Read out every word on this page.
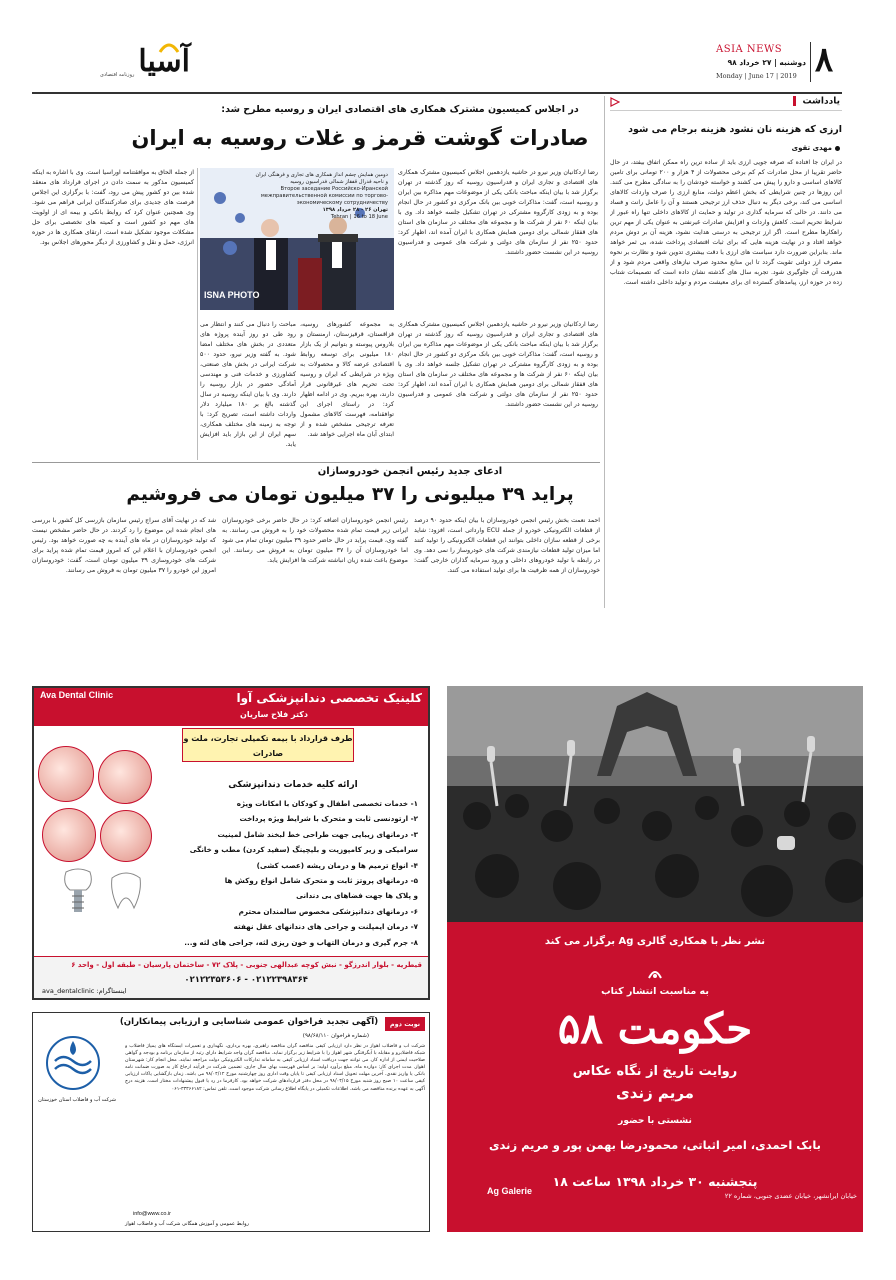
۸
ASIA NEWS
دوشنبه | ۲۷ خرداد ۹۸
Monday | June 17 | 2019
آسیا
روزنامه اقتصادی
یادداشت
ارزی که هزینه نان نشود هزینه برجام می شود
مهدی تقوی
در ایران جا افتاده که صرفه جویی ارزی باید از ساده ترین راه ممکن اتفاق بیفتد، در حال حاضر تقریبا از محل صادرات کم کم برخی محصولات از ۴ هزار و ۲۰۰ تومانی برای تامین کالاهای اساسی و دارو را پیش می کشند و خواسته خودشان را به سادگی مطرح می کنند. این روزها در چنین شرایطی که بخش اعظم دولت، منابع ارزی را صرف واردات کالاهای اساسی می کند، برخی دیگر به دنبال حذف ارز ترجیحی هستند و آن را عامل رانت و فساد می دانند. در حالی که سرمایه گذاری در تولید و حمایت از کالاهای داخلی تنها راه عبور از شرایط تحریم است. کاهش واردات و افزایش صادرات غیرنفتی به عنوان یکی از مهم ترین راهکارها مطرح است. اگر ارز ترجیحی به درستی هدایت نشود، هزینه آن بر دوش مردم خواهد افتاد و در نهایت هزینه هایی که برای ثبات اقتصادی پرداخت شده، بی ثمر خواهد ماند. بنابراین ضرورت دارد سیاست های ارزی با دقت بیشتری تدوین شود و نظارت بر نحوه مصرف ارز دولتی تقویت گردد تا این منابع محدود صرف نیازهای واقعی مردم شود و از هدررفت آن جلوگیری شود. تجربه سال های گذشته نشان داده است که تصمیمات شتاب زده در حوزه ارز، پیامدهای گسترده ای برای معیشت مردم و تولید داخلی داشته است.
در اجلاس کمیسیون مشترک همکاری های اقتصادی ایران و روسیه مطرح شد:
صادرات گوشت قرمز و غلات روسیه به ایران
رضا اردکانیان وزیر نیرو در حاشیه یازدهمین اجلاس کمیسیون مشترک همکاری های اقتصادی و تجاری ایران و فدراسیون روسیه که روز گذشته در تهران برگزار شد با بیان اینکه مباحث بانکی یکی از موضوعات مهم مذاکره بین ایران و روسیه است، گفت: مذاکرات خوبی بین بانک مرکزی دو کشور در حال انجام بوده و به زودی کارگروه مشترکی در تهران تشکیل جلسه خواهد داد. وی با بیان اینکه ۶۰ نفر از شرکت ها و مجموعه های مختلف در سازمان های استان های قفقاز شمالی برای دومین همایش همکاری با ایران آمده اند، اظهار کرد: حدود ۲۵۰ نفر از سازمان های دولتی و شرکت های عمومی و فدراسیون روسیه در این نشست حضور داشتند.
دومین همایش چشم انداز همکاری های تجاری و فرهنگی ایران و ناحیه فدرال قفقاز شمالی فدراسیون روسیه
Второе заседание Российско-Иранской межправительственной комиссии по торгово-экономическому сотрудничеству
تهران ۲۶ - ۲۸ خرداد ۱۳۹۸
Tehran | 16 to 18 June
ISNA PHOTO
رضا اردکانیان وزیر نیرو در حاشیه یازدهمین اجلاس کمیسیون مشترک همکاری های اقتصادی و تجاری ایران و فدراسیون روسیه که روز گذشته در تهران برگزار شد با بیان اینکه مباحث بانکی یکی از موضوعات مهم مذاکره بین ایران و روسیه است، گفت: مذاکرات خوبی بین بانک مرکزی دو کشور در حال انجام بوده و به زودی کارگروه مشترکی در تهران تشکیل جلسه خواهد داد. وی با بیان اینکه ۶۰ نفر از شرکت ها و مجموعه های مختلف در سازمان های استان های قفقاز شمالی برای دومین همایش همکاری با ایران آمده اند، اظهار کرد: حدود ۲۵۰ نفر از سازمان های دولتی و شرکت های عمومی و فدراسیون روسیه در این نشست حضور داشتند.
به مجموعه کشورهای روسیه، قزاقستان، قرقیزستان، ارمنستان و بلاروس پیوسته و بتوانیم از یک بازار ۱۸۰ میلیونی برای توسعه روابط اقتصادی عرضه کالا و محصولات به ویژه در شرایطی که ایران و روسیه تحت تحریم های غیرقانونی قرار دارند، بهره ببریم. وی در ادامه اظهار کرد: در راستای اجرای این توافقنامه، فهرست کالاهای مشمول تعرفه ترجیحی مشخص شده و از ابتدای آبان ماه اجرایی خواهد شد.
مباحث را دنبال می کنند و انتظار می رود طی دو روز آینده پروژه های متعددی در بخش های مختلف امضا شود. به گفته وزیر نیرو، حدود ۵۰۰ شرکت ایرانی در بخش های صنعتی، کشاورزی و خدمات فنی و مهندسی آمادگی حضور در بازار روسیه را دارند. وی با بیان اینکه روسیه در سال گذشته بالغ بر ۱۸۰ میلیارد دلار واردات داشته است، تصریح کرد: با توجه به زمینه های مختلف همکاری، سهم ایران از این بازار باید افزایش یابد.
از جمله الحاق به موافقتنامه اوراسیا است. وی با اشاره به اینکه کمیسیون مذکور به سمت دادن در اجرای قرارداد های منعقد شده بین دو کشور پیش می رود، گفت: با برگزاری این اجلاس فرصت های جدیدی برای صادرکنندگان ایرانی فراهم می شود. وی همچنین عنوان کرد که روابط بانکی و بیمه ای از اولویت های مهم دو کشور است و کمیته های تخصصی برای حل مشکلات موجود تشکیل شده است. ارتقای همکاری ها در حوزه انرژی، حمل و نقل و کشاورزی از دیگر محورهای اجلاس بود.
ادعای جدید رئیس انجمن خودروسازان
پراید ۳۹ میلیونی را ۳۷ میلیون تومان می فروشیم
احمد نعمت بخش رئیس انجمن خودروسازان با بیان اینکه حدود ۹۰ درصد از قطعات الکترونیکی خودرو از جمله ECU وارداتی است، افزود: شاید برخی از قطعه سازان داخلی بتوانند این قطعات الکترونیکی را تولید کنند اما میزان تولید قطعات نیازمندی شرکت های خودروساز را نمی دهد. وی در رابطه با تولید خودروهای داخلی و ورود سرمایه گذاران خارجی گفت: خودروسازان از همه ظرفیت ها برای تولید استفاده می کنند.
رئیس انجمن خودروسازان اضافه کرد: در حال حاضر برخی خودروسازان ایرانی زیر قیمت تمام شده محصولات خود را به فروش می رسانند. به گفته وی، قیمت پراید در حال حاضر حدود ۳۹ میلیون تومان تمام می شود اما خودروسازان آن را ۳۷ میلیون تومان به فروش می رسانند. این موضوع باعث شده زیان انباشته شرکت ها افزایش یابد.
شد که در نهایت آقای سراج رئیس سازمان بازرسی کل کشور با بررسی های انجام شده این موضوع را رد کردند. در حال حاضر مشخص نیست که تولید خودروسازان در ماه های آینده به چه صورت خواهد بود. رئیس انجمن خودروسازان با اعلام این که امروز قیمت تمام شده پراید برای شرکت های خودروسازی ۳۹ میلیون تومان است، گفت: خودروسازان امروز این خودرو را ۳۷ میلیون تومان به فروش می رسانند.
Ava Dental Clinic	کلینیک تخصصی دندانپزشکی آوا
دکتر فلاح ساریان
طرف قرارداد با بیمه تکمیلی تجارت، ملت و صادرات
ارائه کلیه خدمات دندانپزشکی
۱- خدمات تخصصی اطفال و کودکان با امکانات ویژه
۲- ارتودنسی ثابت و متحرک با شرایط ویژه پرداخت
۳- درمانهای زیبایی جهت طراحی خط لبخند شامل لمینیت
سرامیکی و زیر کامپوزیت و بلیچینگ (سفید کردن) مطب و خانگی
۴- انواع ترمیم ها و درمان ریشه (عصب کشی)
۵- درمانهای پروتز ثابت و متحرک شامل انواع روکش ها
و پلاک ها جهت فضاهای بی دندانی
۶- درمانهای دندانپزشکی مخصوص سالمندان محترم
۷- درمان ایمپلنت و جراحی های دندانهای عقل نهفته
۸- جرم گیری و درمان التهاب و خون ریزی لثه، جراحی های لثه و...
قیطریه - بلوار اندرزگو - نبش کوچه عبدالهی جنوبی - پلاک ۷۲ - ساختمان پارسیان - طبقه اول - واحد ۶
۰۲۱۲۲۳۹۸۳۶۴ - ۰۲۱۲۲۳۵۳۶۰۶
اینستاگرام: ava_dentalclinic
نوبت دوم
(آگهی تجدید فراخوان عمومی شناسایی و ارزیابی پیمانکاران)
(شماره فراخوان ۹۸/۶۸/۱۱۰)
شرکت آب و فاضلاب اهواز در نظر دارد ارزیابی کیفی مناقصه گران مناقصه راهبری، بهره برداری، نگهداری و تعمیرات ایستگاه های پمپاژ فاضلاب و شبکه فاضلابرو و مقابله با آبگرفتگی شهر اهواز را با شرایط زیر برگزار نماید. مناقصه گران واجد شرایط دارای رتبه از سازمان برنامه و بودجه و گواهی صلاحیت ایمنی از اداره کار، می توانند جهت دریافت اسناد ارزیابی کیفی به سامانه تدارکات الکترونیکی دولت مراجعه نمایند. محل انجام کار: شهرستان اهواز. مدت اجرای کار: دوازده ماه. مبلغ برآورد اولیه: بر اساس فهرست بهای سال جاری. تضمین شرکت در فرآیند ارجاع کار به صورت ضمانت نامه بانکی یا واریز نقدی. آخرین مهلت تحویل اسناد ارزیابی کیفی تا پایان وقت اداری روز چهارشنبه مورخ ۹۸/۰۴/۱۲ می باشد. زمان بازگشایی پاکات ارزیابی کیفی ساعت ۱۰ صبح روز شنبه مورخ ۹۸/۰۴/۱۵ در محل دفتر قراردادهای شرکت خواهد بود. کارفرما در رد یا قبول پیشنهادات مختار است. هزینه درج آگهی به عهده برنده مناقصه می باشد. اطلاعات تکمیلی در پایگاه اطلاع رسانی شرکت موجود است. تلفن تماس: ۳۳۳۶۶۱۸۲-۰۶۱
شرکت آب و فاضلاب استان خوزستان
info@www.co.ir
روابط عمومی و آموزش همگانی شرکت آب و فاضلاب اهواز
نشر نظر با همکاری گالری Ag برگزار می کند
به مناسبت انتشار کتاب
حکومت ۵۸
روایت تاریخ از نگاه عکاس
مریم زندی
نشستی با حضور
بابک احمدی، امیر اثباتی، محمودرضا بهمن پور و مریم زندی
پنجشنبه ۳۰ خرداد ۱۳۹۸ ساعت ۱۸
خیابان ایرانشهر، خیابان عضدی جنوبی، شماره ۲۲
Ag Galerie
